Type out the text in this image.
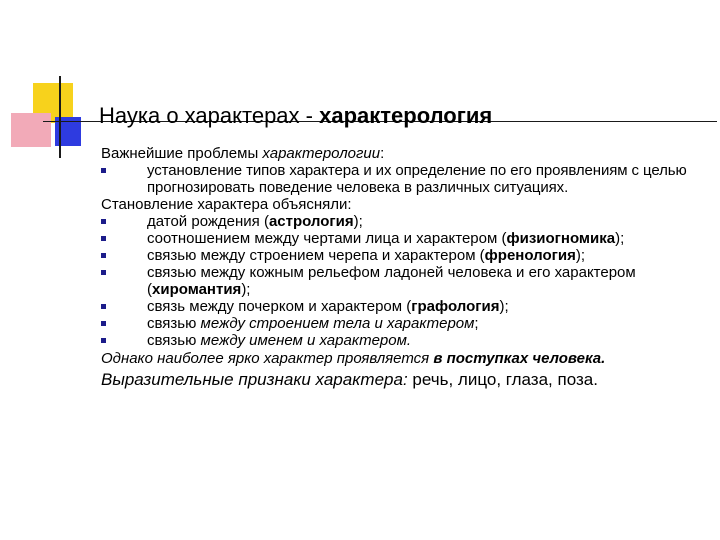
Наука о характерах - характерология
Важнейшие проблемы характерологии:
установление типов характера и их определение по его проявлениям с целью прогнозировать поведение человека в различных ситуациях.
Становление характера объясняли:
датой рождения (астрология);
соотношением между чертами лица и характером (физиогномика);
связью между строением черепа и характером (френология);
связью между кожным рельефом ладоней человека и его характером (хиромантия);
связь между почерком и характером (графология);
связью между строением тела и характером;
связью между именем и характером.
Однако наиболее ярко характер проявляется в поступках человека.
Выразительные признаки характера: речь, лицо, глаза, поза.
